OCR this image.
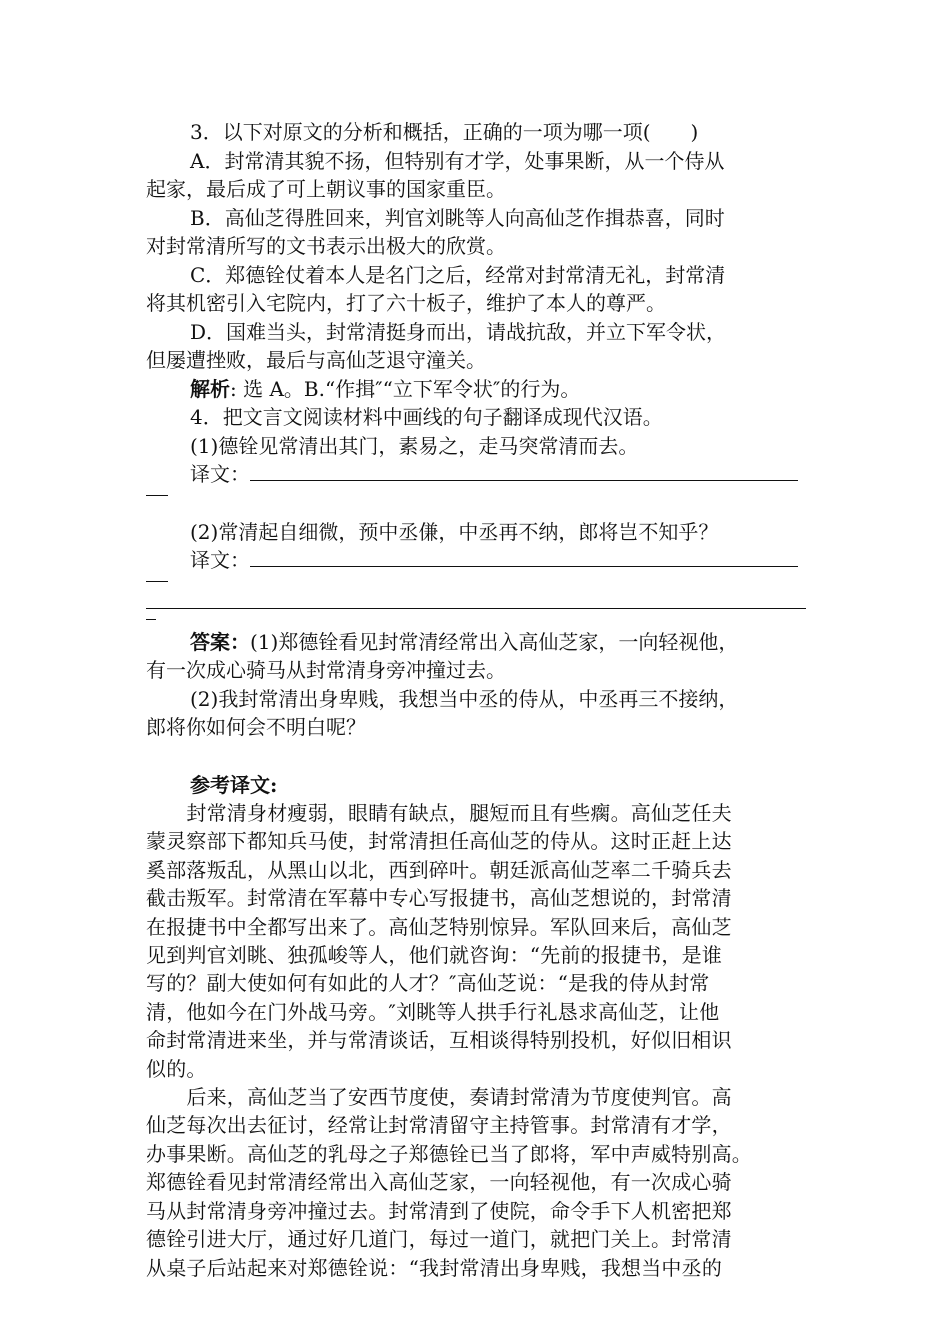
3．以下对原文的分析和概括，正确的一项为哪一项(　　)
A．封常清其貌不扬，但特别有才学，处事果断，从一个侍从
起家，最后成了可上朝议事的国家重臣。
B．高仙芝得胜回来，判官刘眺等人向高仙芝作揖恭喜，同时
对封常清所写的文书表示出极大的欣赏。
C．郑德铨仗着本人是名门之后，经常对封常清无礼，封常清
将其机密引入宅院内，打了六十板子，维护了本人的尊严。
D．国难当头，封常清挺身而出，请战抗敌，并立下军令状，
但屡遭挫败，最后与高仙芝退守潼关。
解析: 选 A。B.“作揖″“立下军令状″的行为。
4．把文言文阅读材料中画线的句子翻译成现代汉语。
(1)德铨见常清出其门，素易之，走马突常清而去。
译文：
(2)常清起自细微，预中丞傔，中丞再不纳，郎将岂不知乎？
译文：
答案：(1)郑德铨看见封常清经常出入高仙芝家，一向轻视他，
有一次成心骑马从封常清身旁冲撞过去。
(2)我封常清出身卑贱，我想当中丞的侍从，中丞再三不接纳，
郎将你如何会不明白呢？
参考译文:
　　封常清身材瘦弱，眼睛有缺点，腿短而且有些瘸。高仙芝任夫
蒙灵察部下都知兵马使，封常清担任高仙芝的侍从。这时正赶上达
奚部落叛乱，从黑山以北，西到碎叶。朝廷派高仙芝率二千骑兵去
截击叛军。封常清在军幕中专心写报捷书，高仙芝想说的，封常清
在报捷书中全都写出来了。高仙芝特别惊异。军队回来后，高仙芝
见到判官刘眺、独孤峻等人，他们就咨询：“先前的报捷书，是谁
写的？副大使如何有如此的人才？″高仙芝说：“是我的侍从封常
清，他如今在门外战马旁。″刘眺等人拱手行礼恳求高仙芝，让他
命封常清进来坐，并与常清谈话，互相谈得特别投机，好似旧相识
似的。
　　后来，高仙芝当了安西节度使，奏请封常清为节度使判官。高
仙芝每次出去征讨，经常让封常清留守主持管事。封常清有才学，
办事果断。高仙芝的乳母之子郑德铨已当了郎将，军中声威特别高。
郑德铨看见封常清经常出入高仙芝家，一向轻视他，有一次成心骑
马从封常清身旁冲撞过去。封常清到了使院，命令手下人机密把郑
德铨引进大厅，通过好几道门，每过一道门，就把门关上。封常清
从桌子后站起来对郑德铨说：“我封常清出身卑贱，我想当中丞的
